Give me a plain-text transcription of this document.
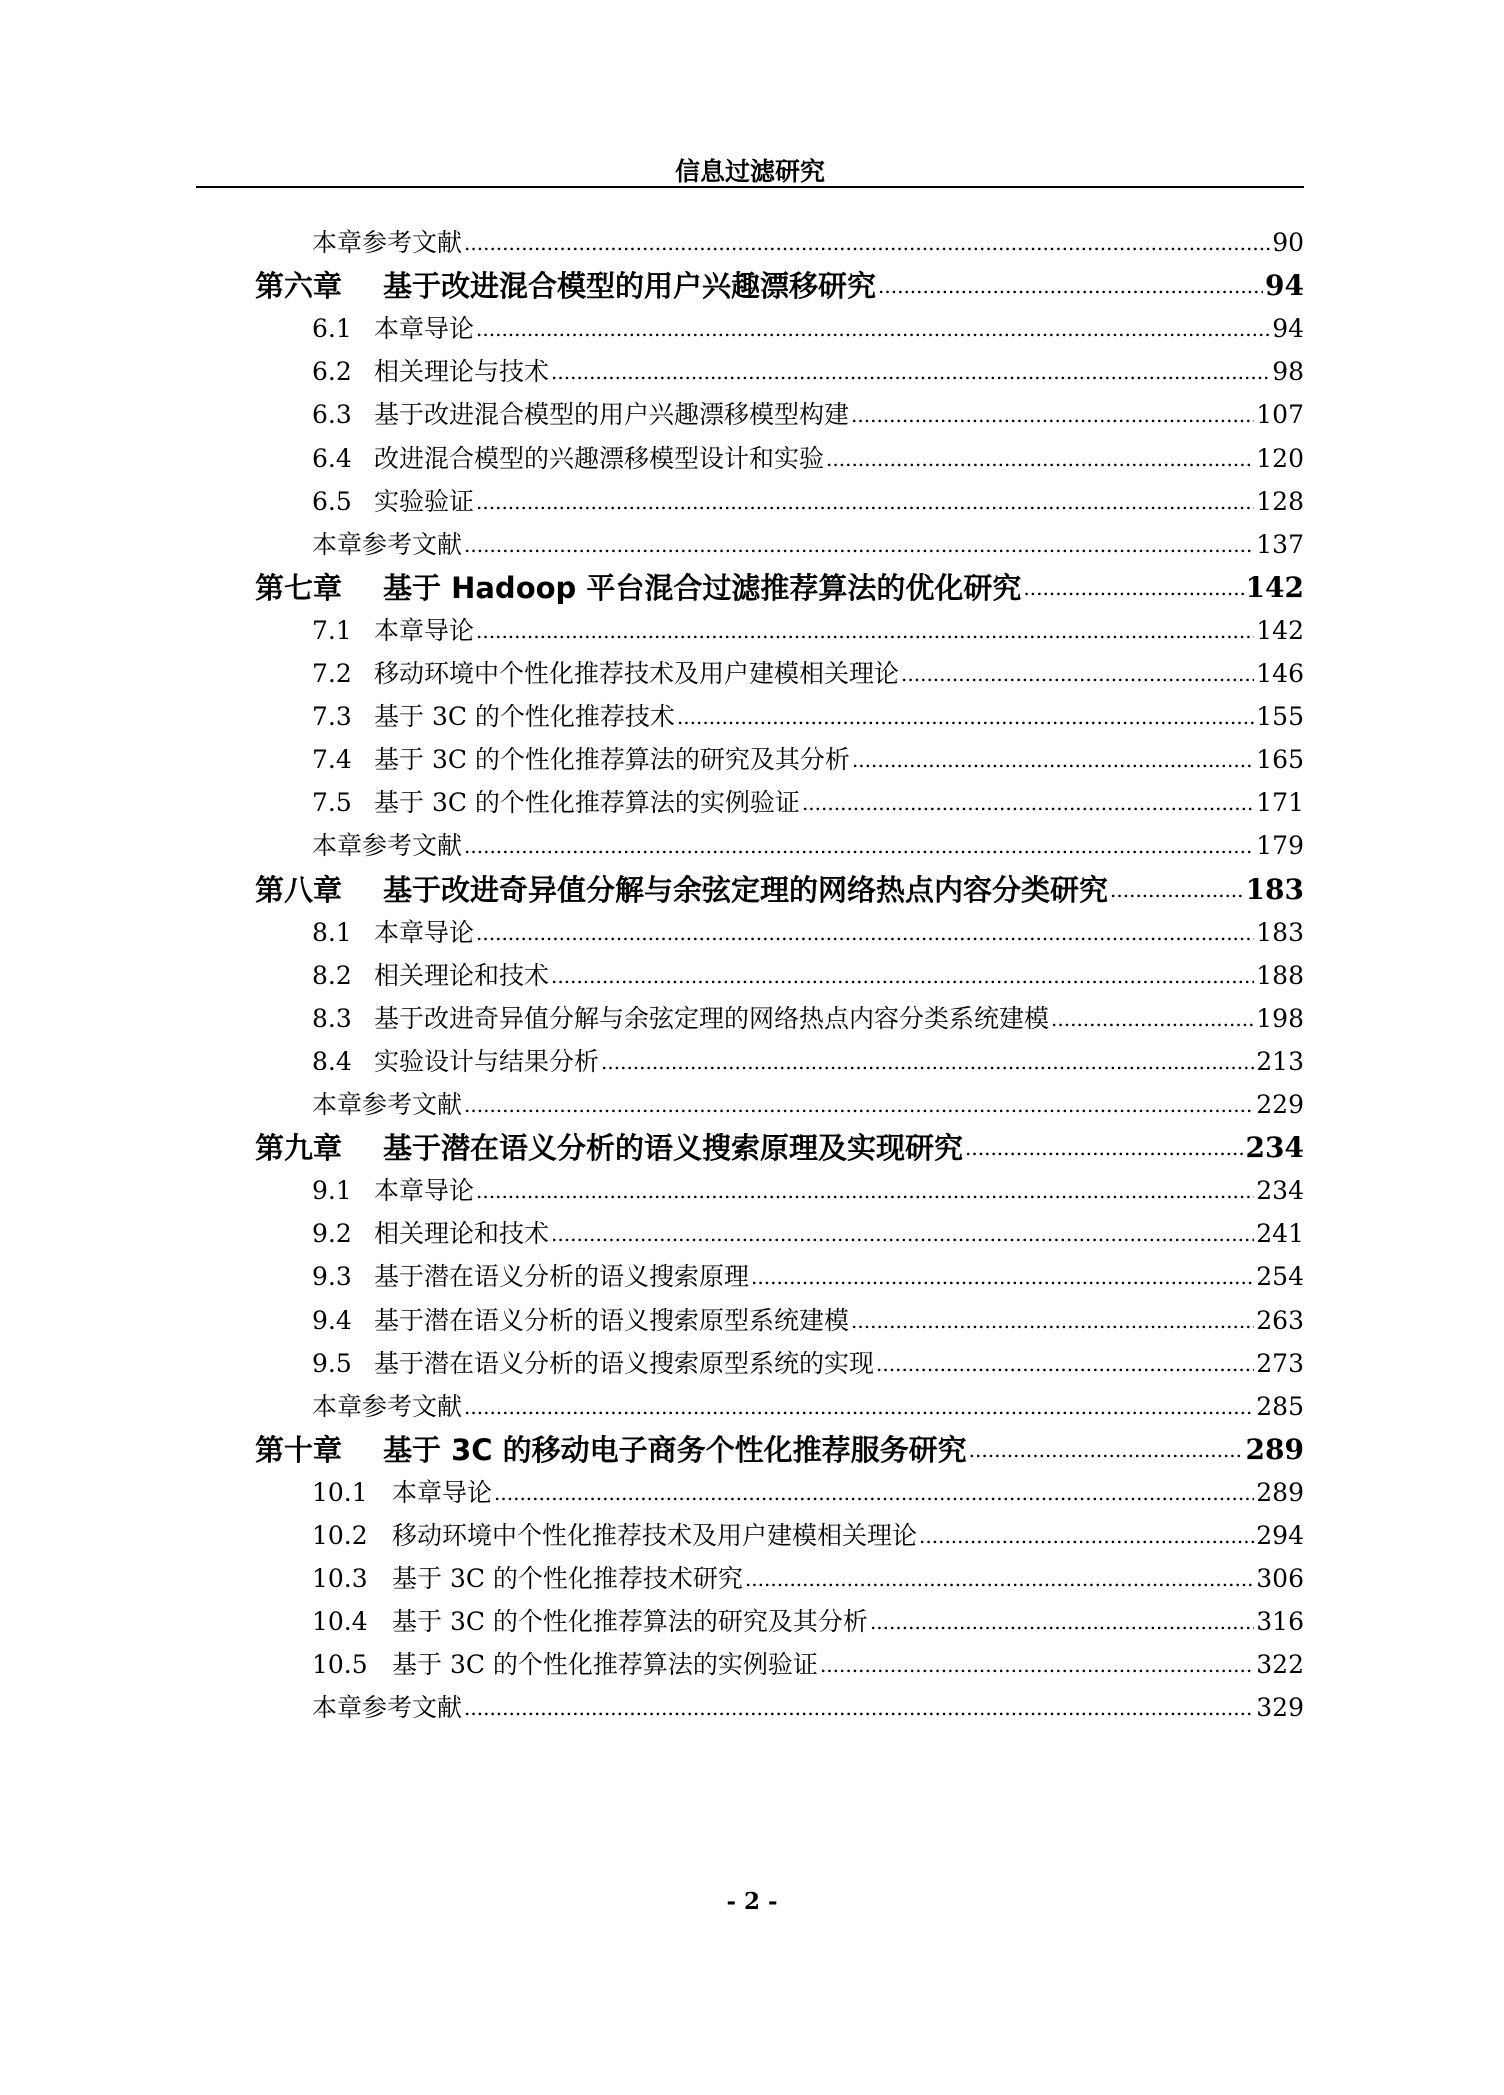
信息过滤研究
本章参考文献 .....	90
第六章	基于改进混合模型的用户兴趣漂移研究 .....	94
6.1 本章导论 .....	94
6.2 相关理论与技术 .....	98
6.3 基于改进混合模型的用户兴趣漂移模型构建 .....	107
6.4 改进混合模型的兴趣漂移模型设计和实验 .....	120
6.5 实验验证 .....	128
本章参考文献 .....	137
第七章	基于 Hadoop 平台混合过滤推荐算法的优化研究 .....	142
7.1 本章导论 .....	142
7.2 移动环境中个性化推荐技术及用户建模相关理论 .....	146
7.3 基于 3C 的个性化推荐技术 .....	155
7.4 基于 3C 的个性化推荐算法的研究及其分析 .....	165
7.5 基于 3C 的个性化推荐算法的实例验证 .....	171
本章参考文献 .....	179
第八章	基于改进奇异值分解与余弦定理的网络热点内容分类研究 .....	183
8.1 本章导论 .....	183
8.2 相关理论和技术 .....	188
8.3 基于改进奇异值分解与余弦定理的网络热点内容分类系统建模 .....	198
8.4 实验设计与结果分析 .....	213
本章参考文献 .....	229
第九章	基于潜在语义分析的语义搜索原理及实现研究 .....	234
9.1 本章导论 .....	234
9.2 相关理论和技术 .....	241
9.3 基于潜在语义分析的语义搜索原理 .....	254
9.4 基于潜在语义分析的语义搜索原型系统建模 .....	263
9.5 基于潜在语义分析的语义搜索原型系统的实现 .....	273
本章参考文献 .....	285
第十章	基于 3C 的移动电子商务个性化推荐服务研究 .....	289
10.1 本章导论 .....	289
10.2 移动环境中个性化推荐技术及用户建模相关理论 .....	294
10.3 基于 3C 的个性化推荐技术研究 .....	306
10.4 基于 3C 的个性化推荐算法的研究及其分析 .....	316
10.5 基于 3C 的个性化推荐算法的实例验证 .....	322
本章参考文献 .....	329
- 2 -
